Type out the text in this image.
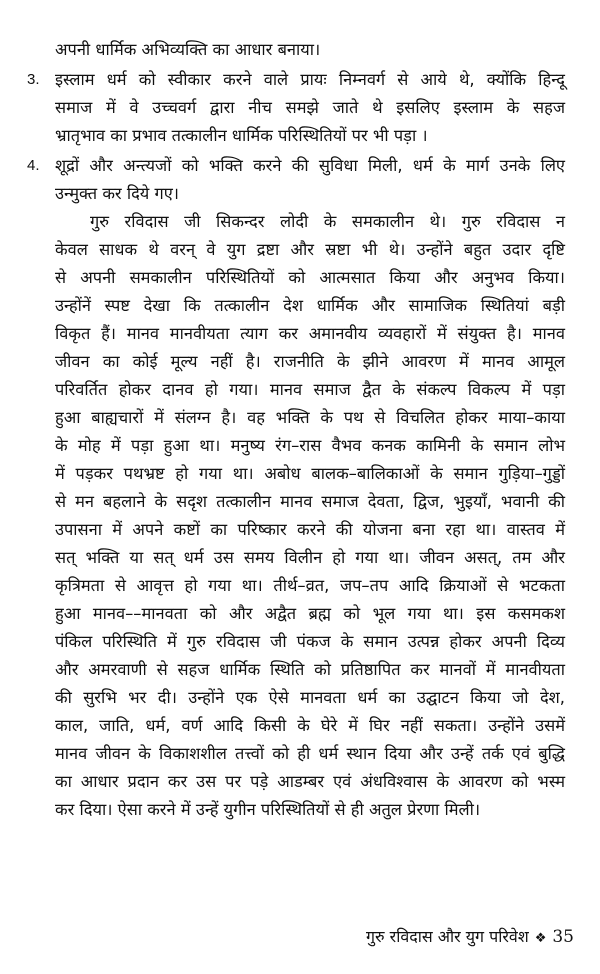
अपनी धार्मिक अभिव्यक्ति का आधार बनाया।
3. इस्लाम धर्म को स्वीकार करने वाले प्रायः निम्नवर्ग से आये थे, क्योंकि हिन्दू
समाज में वे उच्चवर्ग द्वारा नीच समझे जाते थे इसलिए इस्लाम के सहज
भ्रातृभाव का प्रभाव तत्कालीन धार्मिक परिस्थितियों पर भी पड़ा ।
4. शूद्रों और अन्त्यजों को भक्ति करने की सुविधा मिली, धर्म के मार्ग उनके लिए
उन्मुक्त कर दिये गए।
गुरु रविदास जी सिकन्दर लोदी के समकालीन थे। गुरु रविदास न
केवल साधक थे वरन् वे युग द्रष्टा और स्रष्टा भी थे। उन्होंने बहुत उदार दृष्टि
से अपनी समकालीन परिस्थितियों को आत्मसात किया और अनुभव किया।
उन्होंनें स्पष्ट देखा कि तत्कालीन देश धार्मिक और सामाजिक स्थितियां बड़ी
विकृत हैं। मानव मानवीयता त्याग कर अमानवीय व्यवहारों में संयुक्त है। मानव
जीवन का कोई मूल्य नहीं है। राजनीति के झीने आवरण में मानव आमूल
परिवर्तित होकर दानव हो गया। मानव समाज द्वैत के संकल्प विकल्प में पड़ा
हुआ बाह्यचारों में संलग्न है। वह भक्ति के पथ से विचलित होकर माया–काया
के मोह में पड़ा हुआ था। मनुष्य रंग–रास वैभव कनक कामिनी के समान लोभ
में पड़कर पथभ्रष्ट हो गया था। अबोध बालक–बालिकाओं के समान गुड़िया–गुड्डों
से मन बहलाने के सदृश तत्कालीन मानव समाज देवता, द्विज, भुइयाँ, भवानी की
उपासना में अपने कष्टों का परिष्कार करने की योजना बना रहा था। वास्तव में
सत् भक्ति या सत् धर्म उस समय विलीन हो गया था। जीवन असत्, तम और
कृत्रिमता से आवृत्त हो गया था। तीर्थ–व्रत, जप–तप आदि क्रियाओं से भटकता
हुआ मानव––मानवता को और अद्वैत ब्रह्म को भूल गया था। इस कसमकश
पंकिल परिस्थिति में गुरु रविदास जी पंकज के समान उत्पन्न होकर अपनी दिव्य
और अमरवाणी से सहज धार्मिक स्थिति को प्रतिष्ठापित कर मानवों में मानवीयता
की सुरभि भर दी। उन्होंने एक ऐसे मानवता धर्म का उद्घाटन किया जो देश,
काल, जाति, धर्म, वर्ण आदि किसी के घेरे में घिर नहीं सकता। उन्होंने उसमें
मानव जीवन के विकाशशील तत्त्वों को ही धर्म स्थान दिया और उन्हें तर्क एवं बुद्धि
का आधार प्रदान कर उस पर पड़े आडम्बर एवं अंधविश्वास के आवरण को भस्म
कर दिया। ऐसा करने में उन्हें युगीन परिस्थितियों से ही अतुल प्रेरणा मिली।
गुरु रविदास और युग परिवेश ❖ 35
